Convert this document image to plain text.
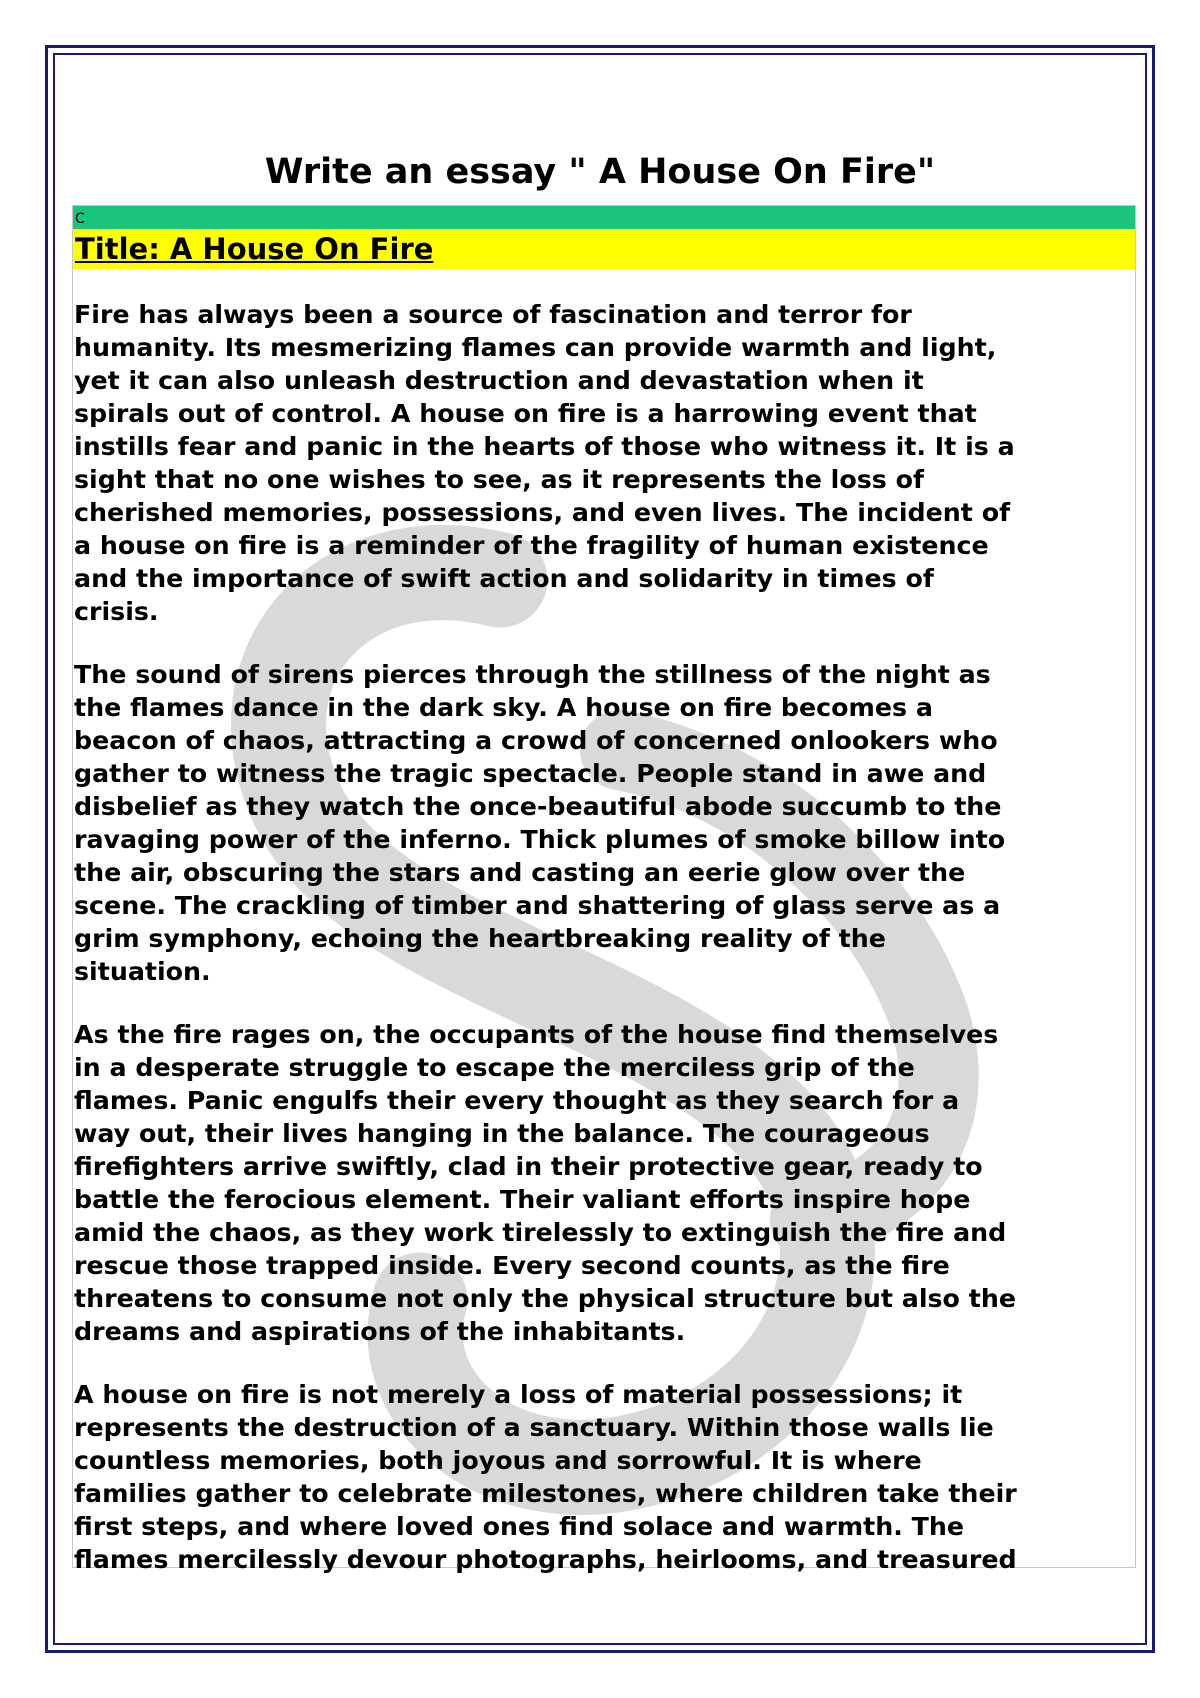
Write an essay " A House On Fire"
C
Title: A House On Fire

Fire has always been a source of fascination and terror for
humanity. Its mesmerizing flames can provide warmth and light,
yet it can also unleash destruction and devastation when it
spirals out of control. A house on fire is a harrowing event that
instills fear and panic in the hearts of those who witness it. It is a
sight that no one wishes to see, as it represents the loss of
cherished memories, possessions, and even lives. The incident of
a house on fire is a reminder of the fragility of human existence
and the importance of swift action and solidarity in times of
crisis.

The sound of sirens pierces through the stillness of the night as
the flames dance in the dark sky. A house on fire becomes a
beacon of chaos, attracting a crowd of concerned onlookers who
gather to witness the tragic spectacle. People stand in awe and
disbelief as they watch the once-beautiful abode succumb to the
ravaging power of the inferno. Thick plumes of smoke billow into
the air, obscuring the stars and casting an eerie glow over the
scene. The crackling of timber and shattering of glass serve as a
grim symphony, echoing the heartbreaking reality of the
situation.

As the fire rages on, the occupants of the house find themselves
in a desperate struggle to escape the merciless grip of the
flames. Panic engulfs their every thought as they search for a
way out, their lives hanging in the balance. The courageous
firefighters arrive swiftly, clad in their protective gear, ready to
battle the ferocious element. Their valiant efforts inspire hope
amid the chaos, as they work tirelessly to extinguish the fire and
rescue those trapped inside. Every second counts, as the fire
threatens to consume not only the physical structure but also the
dreams and aspirations of the inhabitants.

A house on fire is not merely a loss of material possessions; it
represents the destruction of a sanctuary. Within those walls lie
countless memories, both joyous and sorrowful. It is where
families gather to celebrate milestones, where children take their
first steps, and where loved ones find solace and warmth. The
flames mercilessly devour photographs, heirlooms, and treasured
